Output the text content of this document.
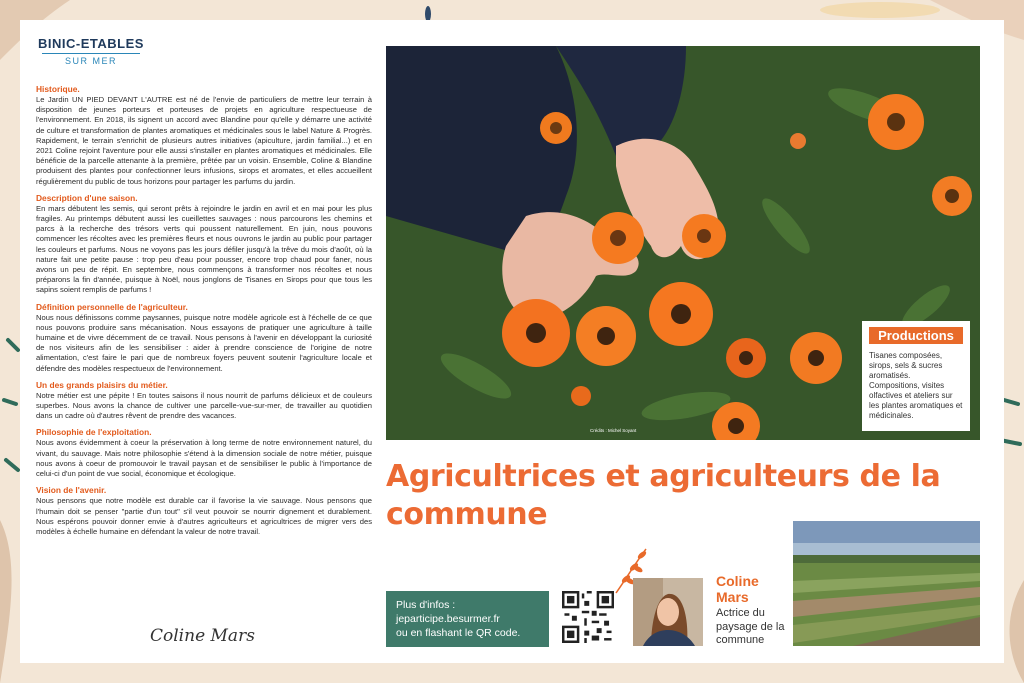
BINIC-ETABLES
SUR MER
Historique.
Le Jardin UN PIED DEVANT L'AUTRE est né de l'envie de particuliers de mettre leur terrain à disposition de jeunes porteurs et porteuses de projets en agriculture respectueuse de l'environnement. En 2018, ils signent un accord avec Blandine pour qu'elle y démarre une activité de culture et transformation de plantes aromatiques et médicinales sous le label Nature & Progrès. Rapidement, le terrain s'enrichit de plusieurs autres initiatives (apiculture, jardin familial...) et en 2021 Coline rejoint l'aventure pour elle aussi s'installer en plantes aromatiques et médicinales. Elle bénéficie de la parcelle attenante à la première, prêtée par un voisin. Ensemble, Coline & Blandine produisent des plantes pour confectionner leurs infusions, sirops et aromates, et elles accueillent régulièrement du public de tous horizons pour partager les parfums du jardin.
Description d'une saison.
En mars débutent les semis, qui seront prêts à rejoindre le jardin en avril et en mai pour les plus fragiles. Au printemps débutent aussi les cueillettes sauvages : nous parcourons les chemins et parcs à la recherche des trésors verts qui poussent naturellement. En juin, nous pouvons commencer les récoltes avec les premières fleurs et nous ouvrons le jardin au public pour partager les couleurs et parfums. Nous ne voyons pas les jours défiler jusqu'à la trêve du mois d'août, où la nature fait une petite pause : trop peu d'eau pour pousser, encore trop chaud pour faner, nous avons un peu de répit. En septembre, nous commençons à transformer nos récoltes et nous préparons la fin d'année, puisque à Noël, nous jonglons de Tisanes en Sirops pour que tous les sapins soient remplis de parfums !
Définition personnelle de l'agriculteur.
Nous nous définissons comme paysannes, puisque notre modèle agricole est à l'échelle de ce que nous pouvons produire sans mécanisation. Nous essayons de pratiquer une agriculture à taille humaine et de vivre décemment de ce travail. Nous pensons à l'avenir en développant la curiosité de nos visiteurs afin de les sensibiliser : aider à prendre conscience de l'origine de notre alimentation, c'est faire le pari que de nombreux foyers peuvent soutenir l'agriculture locale et défendre des modèles respectueux de l'environnement.
Un des grands plaisirs du métier.
Notre métier est une pépite ! En toutes saisons il nous nourrit de parfums délicieux et de couleurs superbes. Nous avons la chance de cultiver une parcelle-vue-sur-mer, de travailler au quotidien dans un cadre où d'autres rêvent de prendre des vacances.
Philosophie de l'exploitation.
Nous avons évidemment à coeur la préservation à long terme de notre environnement naturel, du vivant, du sauvage. Mais notre philosophie s'étend à la dimension sociale de notre métier, puisque nous avons à coeur de promouvoir le travail paysan et de sensibiliser le public à l'importance de celui-ci d'un point de vue social, économique et écologique.
Vision de l'avenir.
Nous pensons que notre modèle est durable car il favorise la vie sauvage. Nous pensons que l'humain doit se penser "partie d'un tout" s'il veut pouvoir se nourrir dignement et durablement. Nous espérons pouvoir donner envie à d'autres agriculteurs et agricultrices de migrer vers des modèles à échelle humaine en défendant la valeur de notre travail.
Coline Mars
Crédits : Michel Soyant
Productions
Tisanes composées, sirops, sels & sucres aromatisés. Compositions, visites olfactives et ateliers sur les plantes aromatiques et médicinales.
Agricultrices et agriculteurs de la commune
Plus d'infos :
jeparticipe.besurmer.fr
ou en flashant le QR code.
Coline Mars
Actrice du paysage de la commune
